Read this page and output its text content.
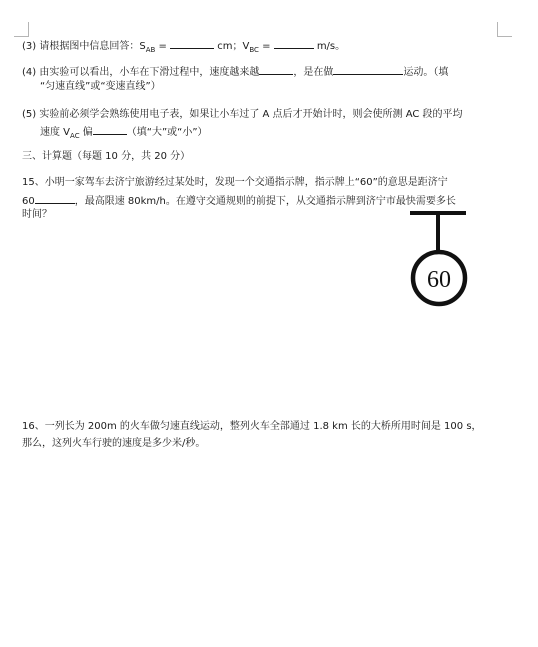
(3) 请根据图中信息回答：$S_{AB}$ =	cm；$V_{BC}$ =	m/s。
(4) 由实验可以看出，小车在下滑过程中，速度越来越	，是在做	运动。（填
“匀速直线”或“变速直线”）
(5) 实验前必须学会熟练使用电子表，如果让小车过了 A 点后才开始计时，则会使所测 AC 段的平均
速度 $V_{AC}$ 偏	（填“大”或“小”）
三、计算题（每题 10 分，共 20 分）
15、小明一家驾车去济宁旅游经过某处时，发现一个交通指示牌，指示牌上“60”的意思是距济宁
60	，最高限速 80km/h。在遵守交通规则的前提下，从交通指示牌到济宁市最快需要多长
时间？
60
16、一列长为 200m 的火车做匀速直线运动，整列火车全部通过 1.8 km 长的大桥所用时间是 100 s，
那么，这列火车行驶的速度是多少米/秒。
